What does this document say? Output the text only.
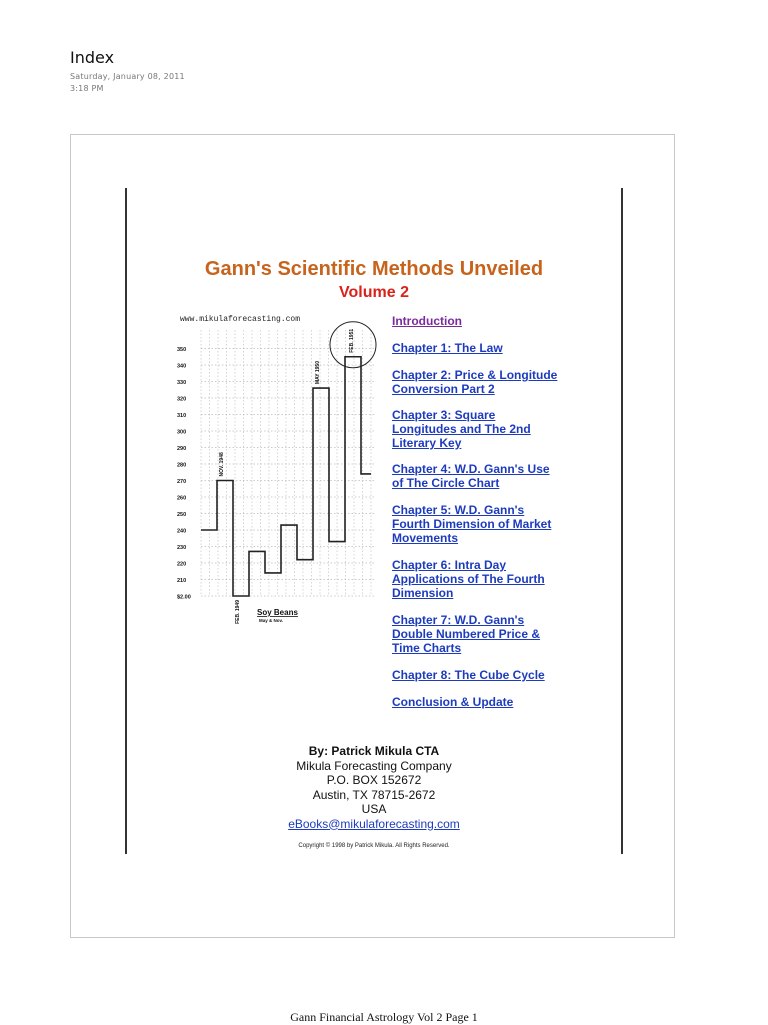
Index
Saturday, January 08, 2011
3:18 PM
Gann's Scientific Methods Unveiled
Volume 2
www.mikulaforecasting.com
$2.00
210
220
230
240
250
260
270
280
290
300
310
320
330
340
350
NOV. 1948
FEB. 1949
MAY 1950
FEB. 1951
Soy Beans
May & Nov.
Introduction
Chapter 1: The Law
Chapter 2: Price & Longitude
Conversion Part 2
Chapter 3: Square
Longitudes and The 2nd
Literary Key
Chapter 4: W.D. Gann's Use
of The Circle Chart
Chapter 5: W.D. Gann's
Fourth Dimension of Market
Movements
Chapter 6: Intra Day
Applications of The Fourth
Dimension
Chapter 7: W.D. Gann's
Double Numbered Price &
Time Charts
Chapter 8: The Cube Cycle
Conclusion & Update
By: Patrick Mikula CTA
Mikula Forecasting Company
P.O. BOX 152672
Austin, TX 78715-2672
USA
eBooks@mikulaforecasting.com
Copyright © 1998 by Patrick Mikula. All Rights Reserved.
Gann Financial Astrology Vol 2 Page 1
